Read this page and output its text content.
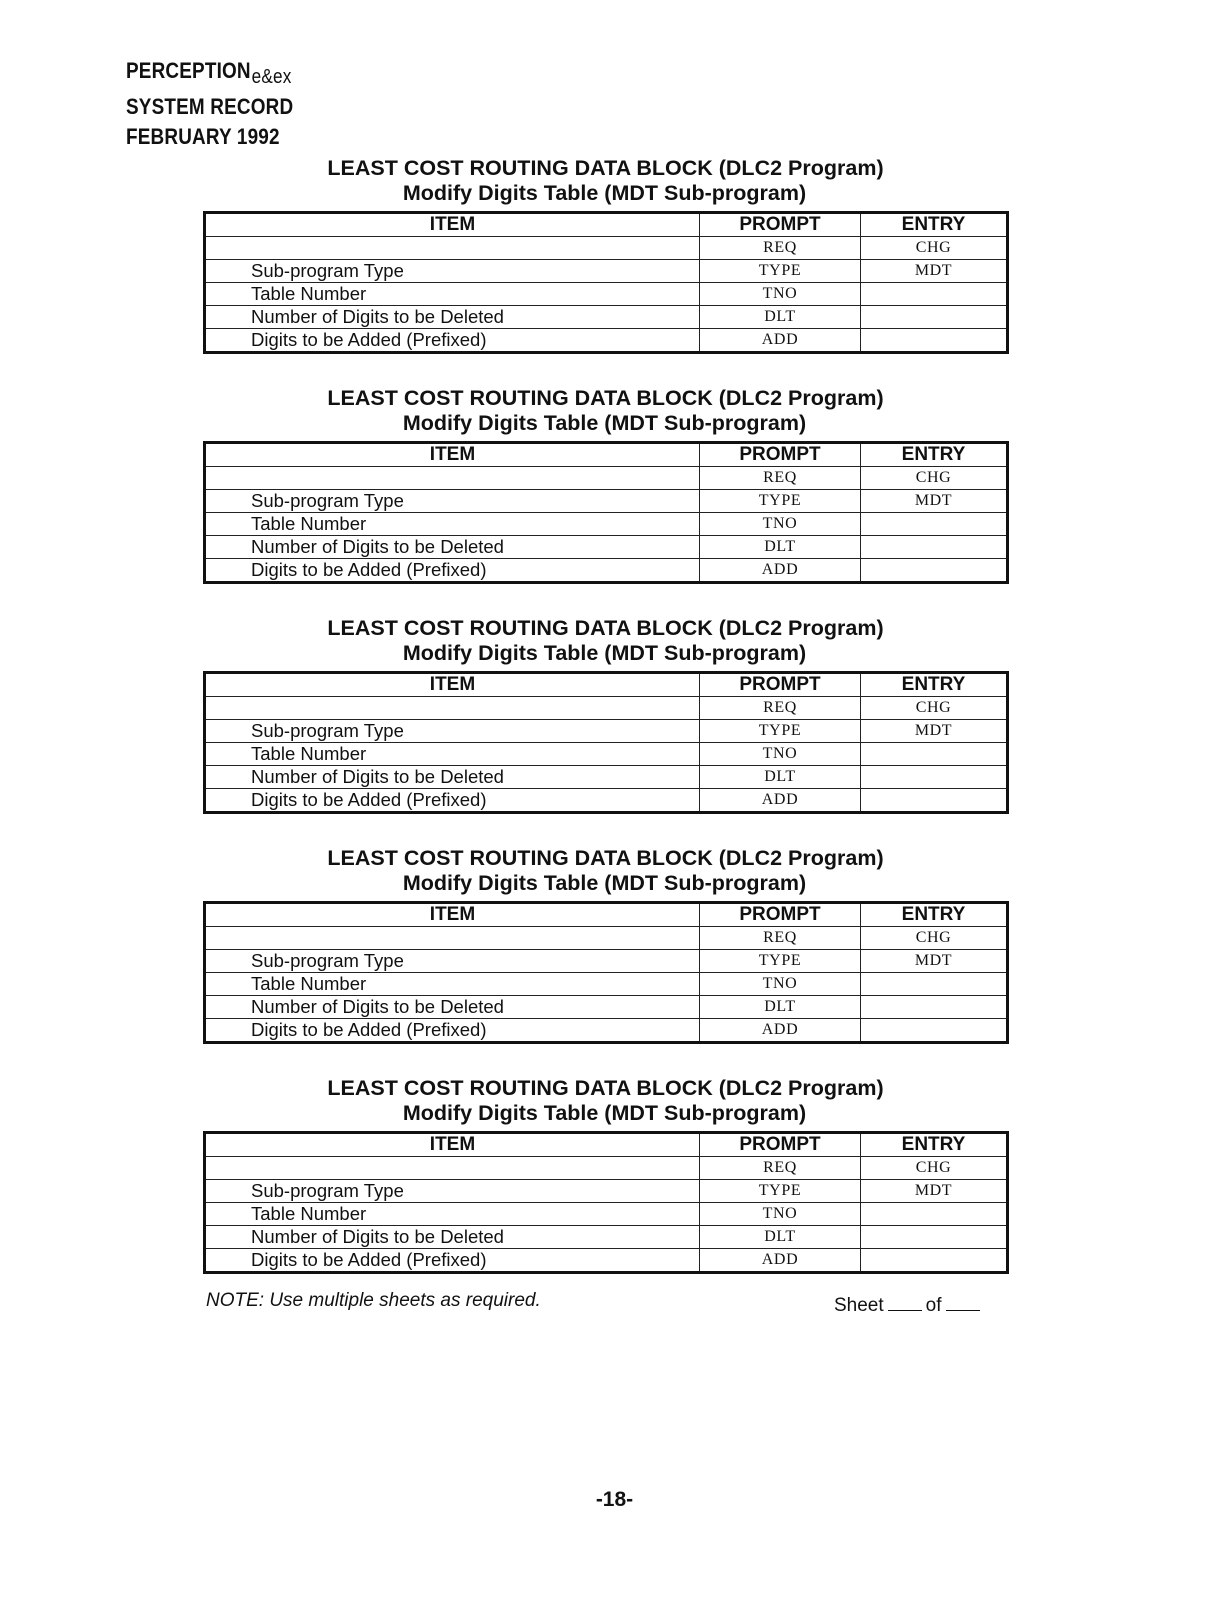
PERCEPTIONe&ex
SYSTEM RECORD
FEBRUARY 1992
LEAST COST ROUTING DATA BLOCK (DLC2 Program)
Modify Digits Table (MDT Sub-program)
ITEM	PROMPT	ENTRY
	REQ	CHG
Sub-program Type	TYPE	MDT
Table Number	TNO	
Number of Digits to be Deleted	DLT	
Digits to be Added (Prefixed)	ADD	
LEAST COST ROUTING DATA BLOCK (DLC2 Program)
Modify Digits Table (MDT Sub-program)
ITEM	PROMPT	ENTRY
	REQ	CHG
Sub-program Type	TYPE	MDT
Table Number	TNO	
Number of Digits to be Deleted	DLT	
Digits to be Added (Prefixed)	ADD	
LEAST COST ROUTING DATA BLOCK (DLC2 Program)
Modify Digits Table (MDT Sub-program)
ITEM	PROMPT	ENTRY
	REQ	CHG
Sub-program Type	TYPE	MDT
Table Number	TNO	
Number of Digits to be Deleted	DLT	
Digits to be Added (Prefixed)	ADD	
LEAST COST ROUTING DATA BLOCK (DLC2 Program)
Modify Digits Table (MDT Sub-program)
ITEM	PROMPT	ENTRY
	REQ	CHG
Sub-program Type	TYPE	MDT
Table Number	TNO	
Number of Digits to be Deleted	DLT	
Digits to be Added (Prefixed)	ADD	
LEAST COST ROUTING DATA BLOCK (DLC2 Program)
Modify Digits Table (MDT Sub-program)
ITEM	PROMPT	ENTRY
	REQ	CHG
Sub-program Type	TYPE	MDT
Table Number	TNO	
Number of Digits to be Deleted	DLT	
Digits to be Added (Prefixed)	ADD	
NOTE: Use multiple sheets as required.	Sheet of
-18-
